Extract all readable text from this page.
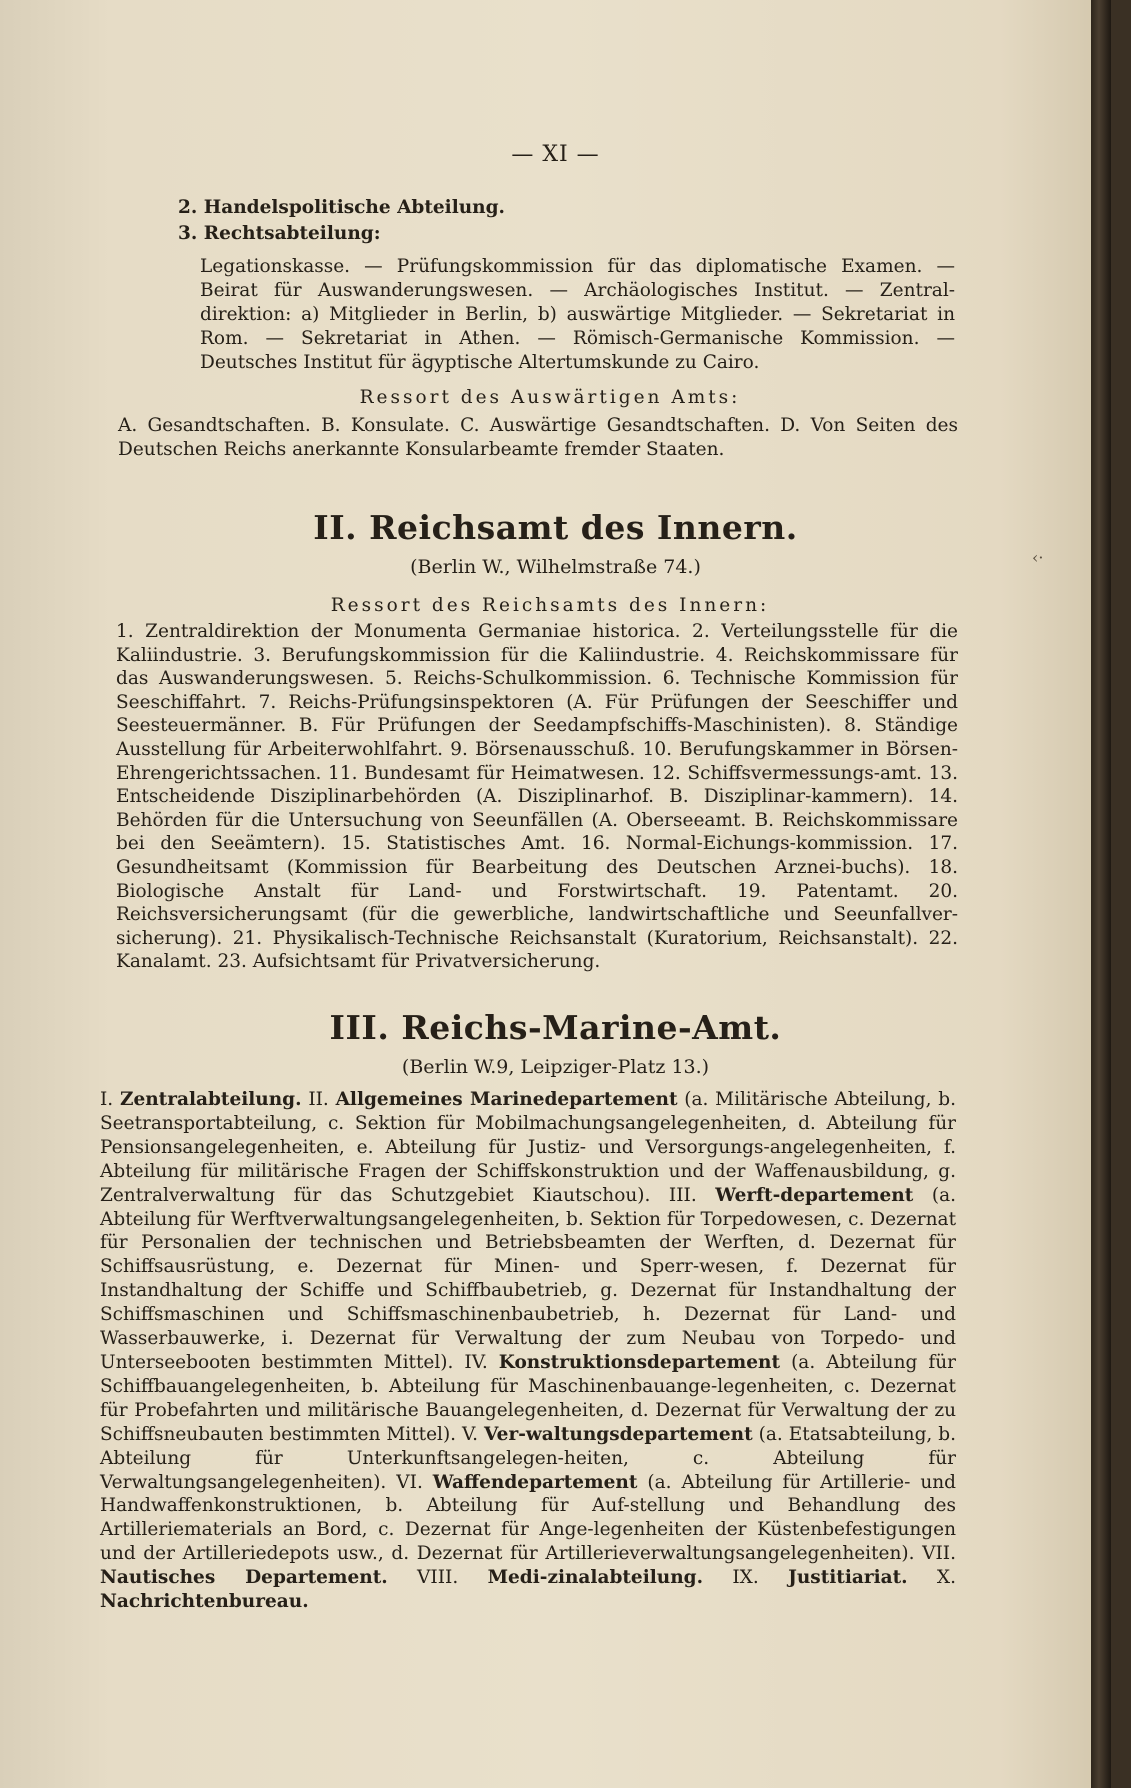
— XI —
2. Handelspolitische Abteilung.
3. Rechtsabteilung:
Legationskasse. — Prüfungskommission für das diplomatische Examen. — Beirat für Auswanderungswesen. — Archäologisches Institut. — Zentral-direktion: a) Mitglieder in Berlin, b) auswärtige Mitglieder. — Sekretariat in Rom. — Sekretariat in Athen. — Römisch-Germanische Kommission. — Deutsches Institut für ägyptische Altertumskunde zu Cairo.
Ressort des Auswärtigen Amts:
A. Gesandtschaften. B. Konsulate. C. Auswärtige Gesandtschaften. D. Von Seiten des Deutschen Reichs anerkannte Konsularbeamte fremder Staaten.
II. Reichsamt des Innern.
(Berlin W., Wilhelmstraße 74.)	‹·
Ressort des Reichsamts des Innern:
1. Zentraldirektion der Monumenta Germaniae historica. 2. Verteilungsstelle für die Kaliindustrie. 3. Berufungskommission für die Kaliindustrie. 4. Reichskommissare für das Auswanderungswesen. 5. Reichs-Schulkommission. 6. Technische Kommission für Seeschiffahrt. 7. Reichs-Prüfungsinspektoren (A. Für Prüfungen der Seeschiffer und Seesteuermänner. B. Für Prüfungen der Seedampfschiffs-Maschinisten). 8. Ständige Ausstellung für Arbeiterwohlfahrt. 9. Börsenausschuß. 10. Berufungskammer in Börsen-Ehrengerichtssachen. 11. Bundesamt für Heimatwesen. 12. Schiffsvermessungs-amt. 13. Entscheidende Disziplinarbehörden (A. Disziplinarhof. B. Disziplinar-kammern). 14. Behörden für die Untersuchung von Seeunfällen (A. Oberseeamt. B. Reichskommissare bei den Seeämtern). 15. Statistisches Amt. 16. Normal-Eichungs-kommission. 17. Gesundheitsamt (Kommission für Bearbeitung des Deutschen Arznei-buchs). 18. Biologische Anstalt für Land- und Forstwirtschaft. 19. Patentamt. 20. Reichsversicherungsamt (für die gewerbliche, landwirtschaftliche und Seeunfallver-sicherung). 21. Physikalisch-Technische Reichsanstalt (Kuratorium, Reichsanstalt). 22. Kanalamt. 23. Aufsichtsamt für Privatversicherung.
III. Reichs-Marine-Amt.
(Berlin W.9, Leipziger-Platz 13.)
I. Zentralabteilung. II. Allgemeines Marinedepartement (a. Militärische Abteilung, b. Seetransportabteilung, c. Sektion für Mobilmachungsangelegenheiten, d. Abteilung für Pensionsangelegenheiten, e. Abteilung für Justiz- und Versorgungs-angelegenheiten, f. Abteilung für militärische Fragen der Schiffskonstruktion und der Waffenausbildung, g. Zentralverwaltung für das Schutzgebiet Kiautschou). III. Werft-departement (a. Abteilung für Werftverwaltungsangelegenheiten, b. Sektion für Torpedowesen, c. Dezernat für Personalien der technischen und Betriebsbeamten der Werften, d. Dezernat für Schiffsausrüstung, e. Dezernat für Minen- und Sperr-wesen, f. Dezernat für Instandhaltung der Schiffe und Schiffbaubetrieb, g. Dezernat für Instandhaltung der Schiffsmaschinen und Schiffsmaschinenbaubetrieb, h. Dezernat für Land- und Wasserbauwerke, i. Dezernat für Verwaltung der zum Neubau von Torpedo- und Unterseebooten bestimmten Mittel). IV. Konstruktionsdepartement (a. Abteilung für Schiffbauangelegenheiten, b. Abteilung für Maschinenbauange-legenheiten, c. Dezernat für Probefahrten und militärische Bauangelegenheiten, d. Dezernat für Verwaltung der zu Schiffsneubauten bestimmten Mittel). V. Ver-waltungsdepartement (a. Etatsabteilung, b. Abteilung für Unterkunftsangelegen-heiten, c. Abteilung für Verwaltungsangelegenheiten). VI. Waffendepartement (a. Abteilung für Artillerie- und Handwaffenkonstruktionen, b. Abteilung für Auf-stellung und Behandlung des Artilleriematerials an Bord, c. Dezernat für Ange-legenheiten der Küstenbefestigungen und der Artilleriedepots usw., d. Dezernat für Artillerieverwaltungsangelegenheiten). VII. Nautisches Departement. VIII. Medi-zinalabteilung. IX. Justitiariat. X. Nachrichtenbureau.
